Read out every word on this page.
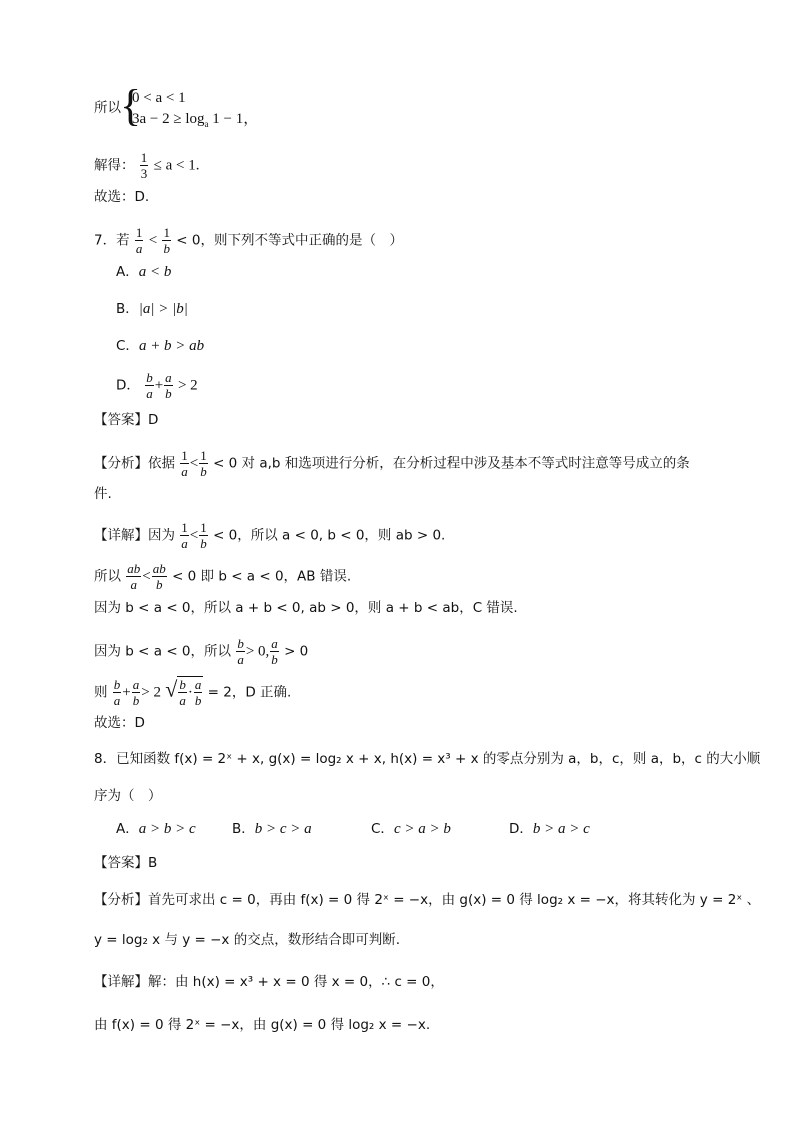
所以 {
0 < a < 1
$3a - 2 \ge \log_a 1 - 1$，
解得： $\frac{1}{3} \le a < 1$.
故选：D.
7．若 $\frac{1}{a} < \frac{1}{b} < 0$，则下列不等式中正确的是（　）
A．a < b
B．|a| > |b|
C．a + b > ab
D． $\frac{b}{a} + \frac{a}{b} > 2$
【答案】D
【分析】依据 $\frac{1}{a} < \frac{1}{b} < 0$ 对 a,b 和选项进行分析，在分析过程中涉及基本不等式时注意等号成立的条
件.
【详解】因为 $\frac{1}{a} < \frac{1}{b} < 0$，所以 a < 0, b < 0，则 ab > 0.
所以 $\frac{ab}{a} < \frac{ab}{b} < 0$ 即 b < a < 0，AB 错误.
因为 b < a < 0，所以 a + b < 0, ab > 0，则 a + b < ab，C 错误.
因为 b < a < 0，所以 $\frac{b}{a} > 0$, $\frac{a}{b} > 0$
则 $\frac{b}{a} + \frac{a}{b} > 2$ √ $\frac{b}{a} \cdot \frac{a}{b} = 2$，D 正确.
故选：D
8．已知函数 f(x) = 2ˣ + x, g(x) = log₂ x + x, h(x) = x³ + x 的零点分别为 a，b，c，则 a，b，c 的大小顺
序为（　）
A．a > b > c	B．b > c > a	C．c > a > b	D．b > a > c
【答案】B
【分析】首先可求出 c = 0，再由 f(x) = 0 得 2ˣ = −x，由 g(x) = 0 得 log₂ x = −x，将其转化为 y = 2ˣ 、
y = log₂ x 与 y = −x 的交点，数形结合即可判断.
【详解】解：由 h(x) = x³ + x = 0 得 x = 0，∴ c = 0，
由 f(x) = 0 得 2ˣ = −x，由 g(x) = 0 得 log₂ x = −x.
